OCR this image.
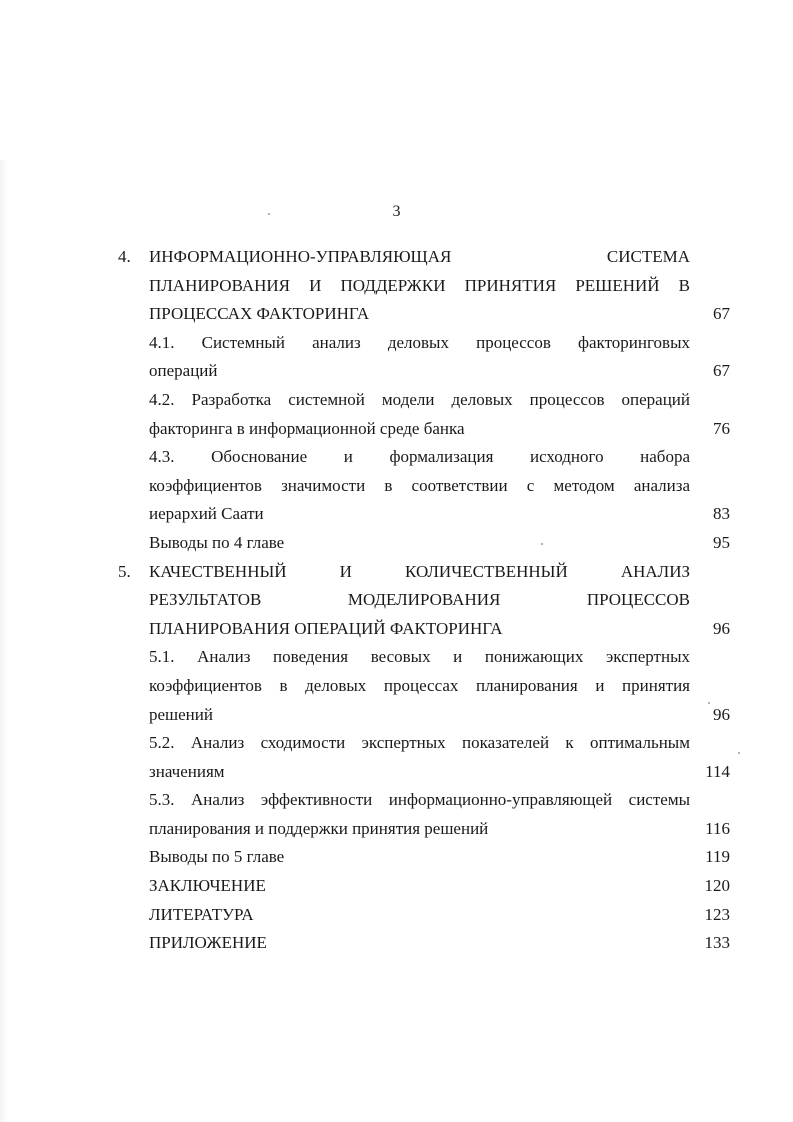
3
4.	ИНФОРМАЦИОННО-УПРАВЛЯЮЩАЯ СИСТЕМА
ПЛАНИРОВАНИЯ И ПОДДЕРЖКИ ПРИНЯТИЯ РЕШЕНИЙ В
ПРОЦЕССАХ ФАКТОРИНГА	67
4.1. Системный анализ деловых процессов факторинговых
операций	67
4.2. Разработка системной модели деловых процессов операций
факторинга в информационной среде банка	76
4.3. Обоснование и формализация исходного набора
коэффициентов значимости в соответствии с методом анализа
иерархий Саати	83
Выводы по 4 главе	95
5.	КАЧЕСТВЕННЫЙ И КОЛИЧЕСТВЕННЫЙ АНАЛИЗ
РЕЗУЛЬТАТОВ МОДЕЛИРОВАНИЯ ПРОЦЕССОВ
ПЛАНИРОВАНИЯ ОПЕРАЦИЙ ФАКТОРИНГА	96
5.1. Анализ поведения весовых и понижающих экспертных
коэффициентов в деловых процессах планирования и принятия
решений	96
5.2. Анализ сходимости экспертных показателей к оптимальным
значениям	114
5.3. Анализ эффективности информационно-управляющей системы
планирования и поддержки принятия решений	116
Выводы по 5 главе	119
ЗАКЛЮЧЕНИЕ	120
ЛИТЕРАТУРА	123
ПРИЛОЖЕНИЕ	133
